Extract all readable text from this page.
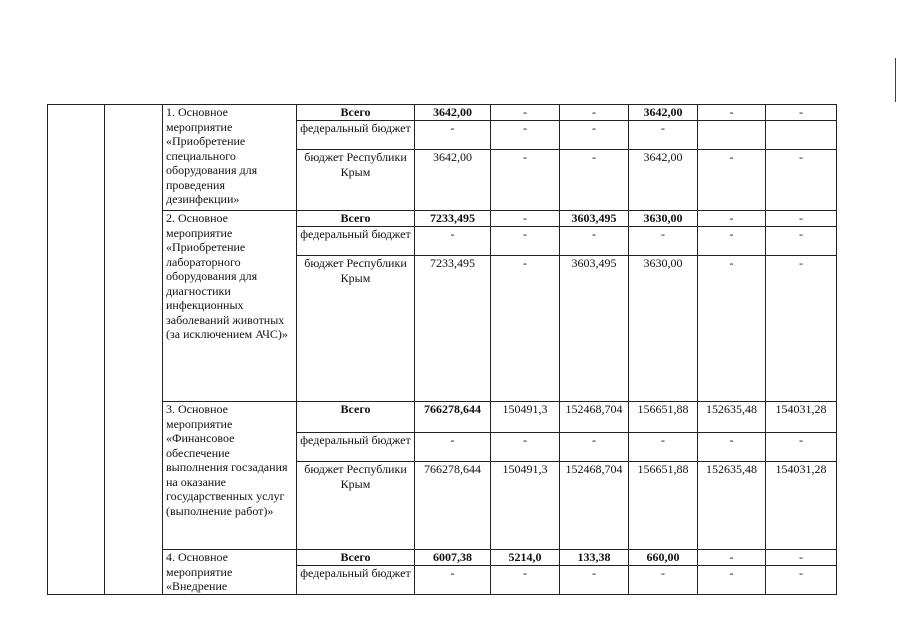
		1. Основное мероприятие «Приобретение специального оборудования для проведения дезинфекции»	Всего	3642,00	-	-	3642,00	-	-
			федеральный бюджет	-	-	-	-		
			бюджет Республики Крым	3642,00	-	-	3642,00	-	-
		2. Основное мероприятие «Приобретение лабораторного оборудования для диагностики инфекционных заболеваний животных (за исключением АЧС)»	Всего	7233,495	-	3603,495	3630,00	-	-
			федеральный бюджет	-	-	-	-	-	-
			бюджет Республики Крым	7233,495	-	3603,495	3630,00	-	-
		3. Основное мероприятие «Финансовое обеспечение выполнения госзадания на оказание государственных услуг (выполнение работ)»	Всего	766278,644	150491,3	152468,704	156651,88	152635,48	154031,28
			федеральный бюджет	-	-	-	-	-	-
			бюджет Республики Крым	766278,644	150491,3	152468,704	156651,88	152635,48	154031,28
		4. Основное мероприятие «Внедрение	Всего	6007,38	5214,0	133,38	660,00	-	-
			федеральный бюджет	-	-	-	-	-	-
